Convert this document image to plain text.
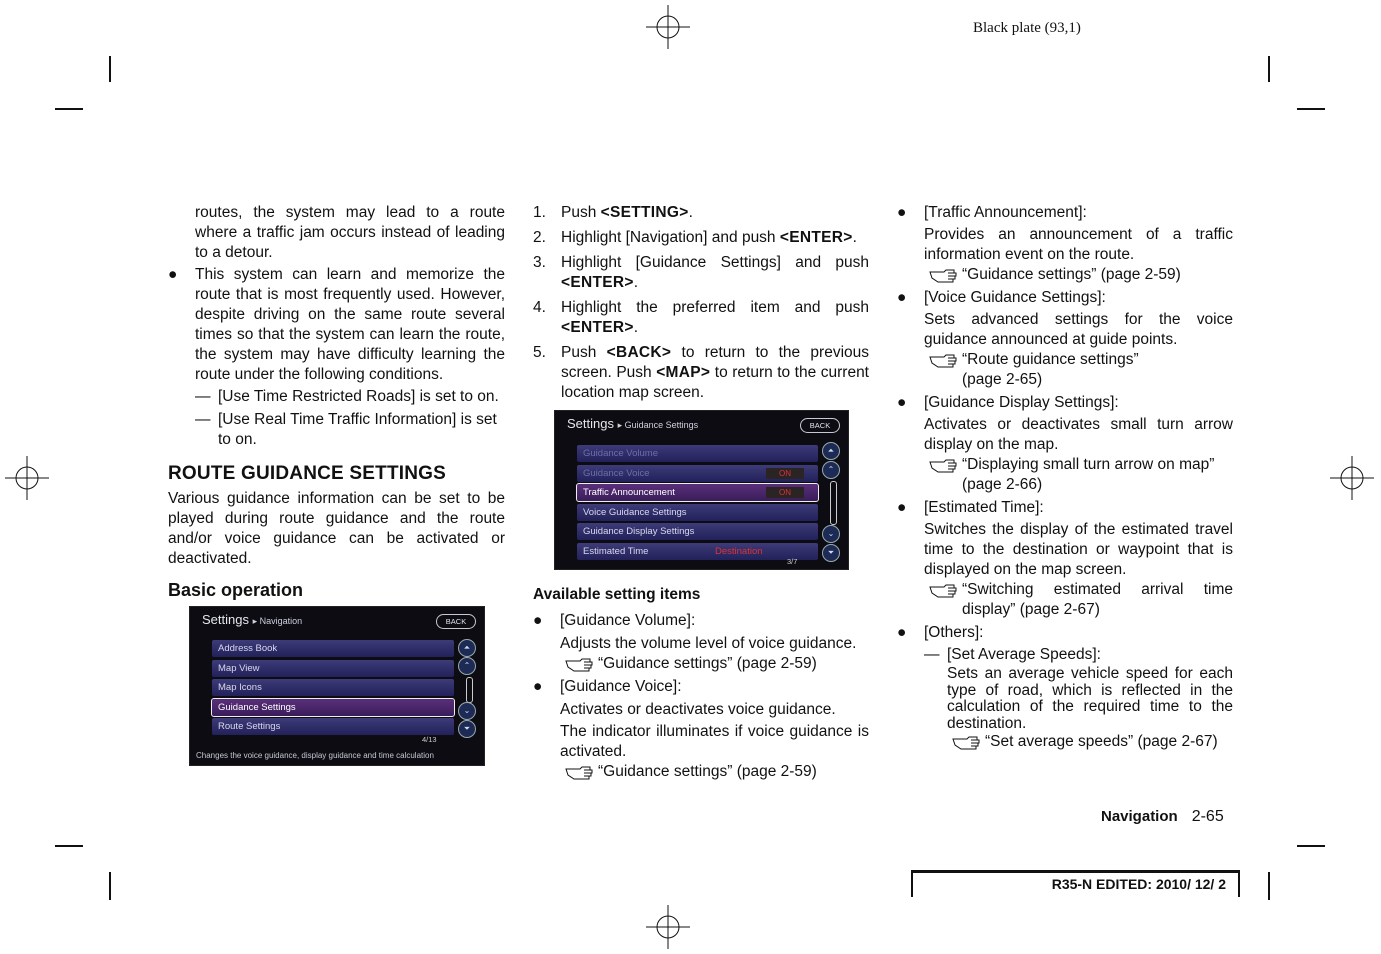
Black plate (93,1)

routes, the system may lead to a route where a traffic jam occurs instead of leading to a detour.

● This system can learn and memorize the route that is most frequently used. However, despite driving on the same route several times so that the system can learn the route, the system may have difficulty learning the route under the following conditions.
— [Use Time Restricted Roads] is set to on.
— [Use Real Time Traffic Information] is set to on.
ROUTE GUIDANCE SETTINGS

Various guidance information can be set to be played during route guidance and the route and/or voice guidance can be activated or deactivated.

Basic operation
Settings ▸ Navigation	BACK
Address Book
Map View
Map Icons
Guidance Settings
Route Settings
⏶
⌃
⌄
⏷
4/13
Changes the voice guidance, display guidance and time calculation
1. Push <SETTING>.
2. Highlight [Navigation] and push <ENTER>.
3. Highlight [Guidance Settings] and push <ENTER>.
4. Highlight the preferred item and push <ENTER>.
5. Push <BACK> to return to the previous screen. Push <MAP> to return to the current location map screen.
Settings ▸ Guidance Settings	BACK
Guidance Volume
Guidance Voice	ON
Traffic Announcement	ON
Voice Guidance Settings
Guidance Display Settings
Estimated Time	Destination
⏶
⌃
⌄
⏷
3/7
Available setting items
● [Guidance Volume]:

Adjusts the volume level of voice guidance.

“Guidance settings” (page 2-59)
● [Guidance Voice]:

Activates or deactivates voice guidance.

The indicator illuminates if voice guidance is activated.

“Guidance settings” (page 2-59)
● [Traffic Announcement]:

Provides an announcement of a traffic information event on the route.

“Guidance settings” (page 2-59)
● [Voice Guidance Settings]:

Sets advanced settings for the voice guidance announced at guide points.

“Route guidance settings”
(page 2-65)
● [Guidance Display Settings]:

Activates or deactivates small turn arrow display on the map.

“Displaying small turn arrow on map”
(page 2-66)
● [Estimated Time]:

Switches the display of the estimated travel time to the destination or waypoint that is displayed on the map screen.

“Switching estimated arrival time display” (page 2-67)
● [Others]:
— [Set Average Speeds]:

Sets an average vehicle speed for each type of road, which is reflected in the calculation of the required time to the destination.

“Set average speeds” (page 2-67)
Navigation 2-65
R35-N EDITED: 2010/ 12/ 2
